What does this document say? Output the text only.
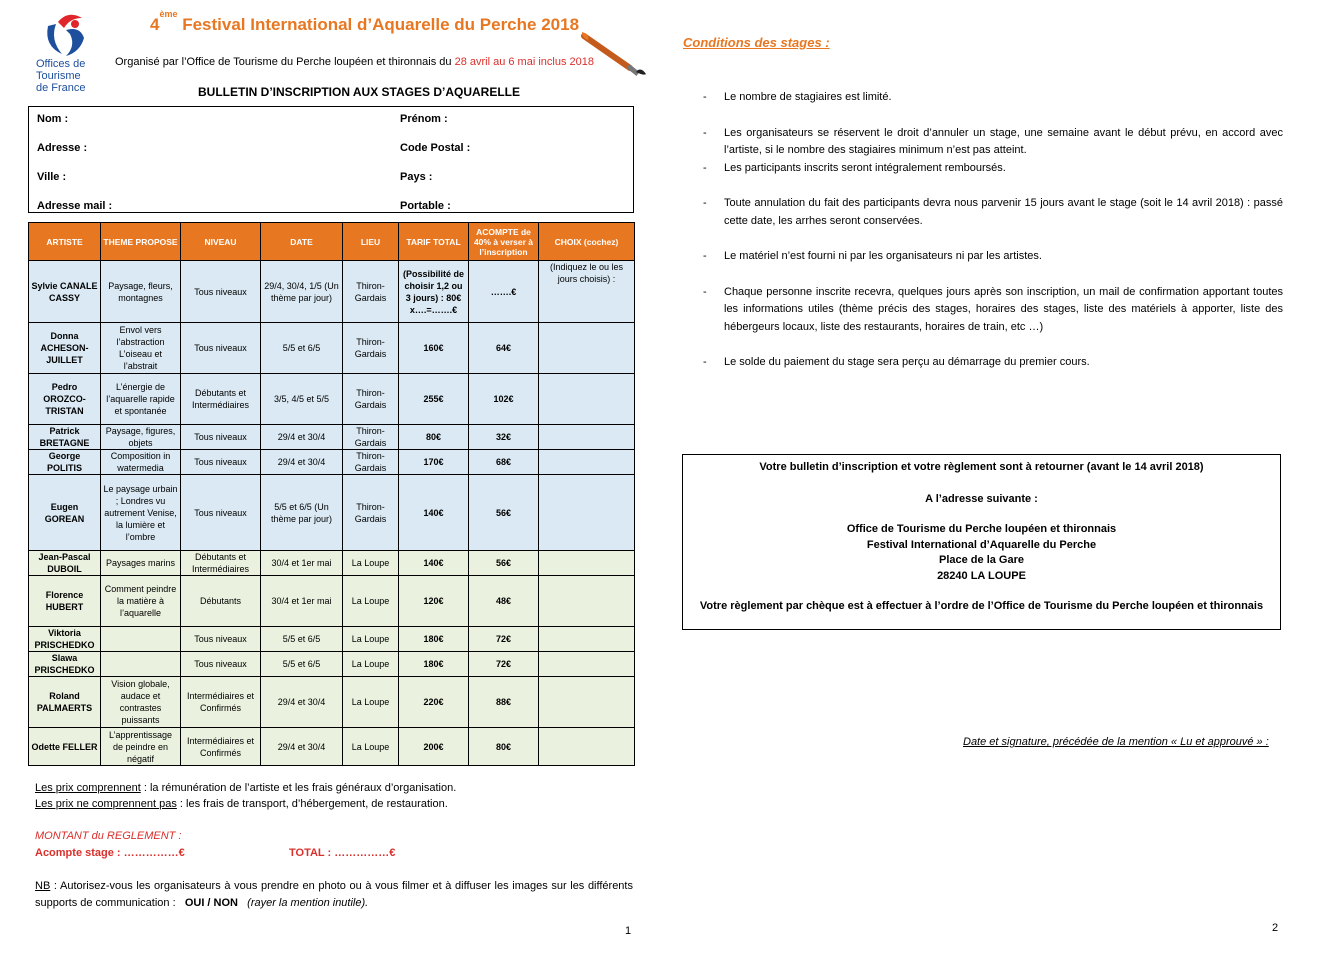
Offices de
Tourisme
de France
4ème Festival International d’Aquarelle du Perche 2018
Organisé par l’Office de Tourisme du Perche loupéen et thironnais du 28 avril au 6 mai inclus 2018
BULLETIN D’INSCRIPTION AUX STAGES D’AQUARELLE
Nom :	Prénom :
Adresse :	Code Postal :
Ville :	Pays :
Adresse mail :	Portable :
ARTISTE	THEME PROPOSE	NIVEAU	DATE	LIEU	TARIF TOTAL	ACOMPTE de 40% à verser à l’inscription	CHOIX (cochez)
Sylvie CANALE CASSY	Paysage, fleurs, montagnes	Tous niveaux	29/4, 30/4, 1/5 (Un thème par jour)	Thiron-Gardais	(Possibilité de choisir 1,2 ou 3 jours) : 80€ x….=…….€	…….€	(Indiquez le ou les jours choisis) :
Donna ACHESON-JUILLET	Envol vers l’abstraction L’oiseau et l’abstrait	Tous niveaux	5/5 et 6/5	Thiron-Gardais	160€	64€	
Pedro OROZCO-TRISTAN	L’énergie de l’aquarelle rapide et spontanée	Débutants et Intermédiaires	3/5, 4/5 et 5/5	Thiron-Gardais	255€	102€	
Patrick BRETAGNE	Paysage, figures, objets	Tous niveaux	29/4 et 30/4	Thiron-Gardais	80€	32€	
George POLITIS	Composition in watermedia	Tous niveaux	29/4 et 30/4	Thiron-Gardais	170€	68€	
Eugen GOREAN	Le paysage urbain ; Londres vu autrement Venise, la lumière et l’ombre	Tous niveaux	5/5 et 6/5 (Un thème par jour)	Thiron-Gardais	140€	56€	
Jean-Pascal DUBOIL	Paysages marins	Débutants et Intermédiaires	30/4 et 1er mai	La Loupe	140€	56€	
Florence HUBERT	Comment peindre la matière à l’aquarelle	Débutants	30/4 et 1er mai	La Loupe	120€	48€	
Viktoria PRISCHEDKO		Tous niveaux	5/5 et 6/5	La Loupe	180€	72€	
Slawa PRISCHEDKO		Tous niveaux	5/5 et 6/5	La Loupe	180€	72€	
Roland PALMAERTS	Vision globale, audace et contrastes puissants	Intermédiaires et Confirmés	29/4 et 30/4	La Loupe	220€	88€	
Odette FELLER	L’apprentissage de peindre en négatif	Intermédiaires et Confirmés	29/4 et 30/4	La Loupe	200€	80€	
Les prix comprennent : la rémunération de l’artiste et les frais généraux d’organisation.
Les prix ne comprennent pas : les frais de transport, d’hébergement, de restauration.
MONTANT du REGLEMENT :
Acompte stage : ……………€	TOTAL : ……………€
NB : Autorisez-vous les organisateurs à vous prendre en photo ou à vous filmer et à diffuser les images sur les différents supports de communication : OUI / NON (rayer la mention inutile).
1
Conditions des stages :
- Le nombre de stagiaires est limité.
- Les organisateurs se réservent le droit d’annuler un stage, une semaine avant le début prévu, en accord avec l’artiste, si le nombre des stagiaires minimum n’est pas atteint.
- Les participants inscrits seront intégralement remboursés.
- Toute annulation du fait des participants devra nous parvenir 15 jours avant le stage (soit le 14 avril 2018) : passé cette date, les arrhes seront conservées.
- Le matériel n’est fourni ni par les organisateurs ni par les artistes.
- Chaque personne inscrite recevra, quelques jours après son inscription, un mail de confirmation apportant toutes les informations utiles (thème précis des stages, horaires des stages, liste des matériels à apporter, liste des hébergeurs locaux, liste des restaurants, horaires de train, etc …)
- Le solde du paiement du stage sera perçu au démarrage du premier cours.

Votre bulletin d’inscription et votre règlement sont à retourner (avant le 14 avril 2018)

A l’adresse suivante :

Office de Tourisme du Perche loupéen et thironnais

Festival International d’Aquarelle du Perche

Place de la Gare

28240 LA LOUPE

Votre règlement par chèque est à effectuer à l’ordre de l’Office de Tourisme du Perche loupéen et thironnais

Date et signature, précédée de la mention « Lu et approuvé » :
2
